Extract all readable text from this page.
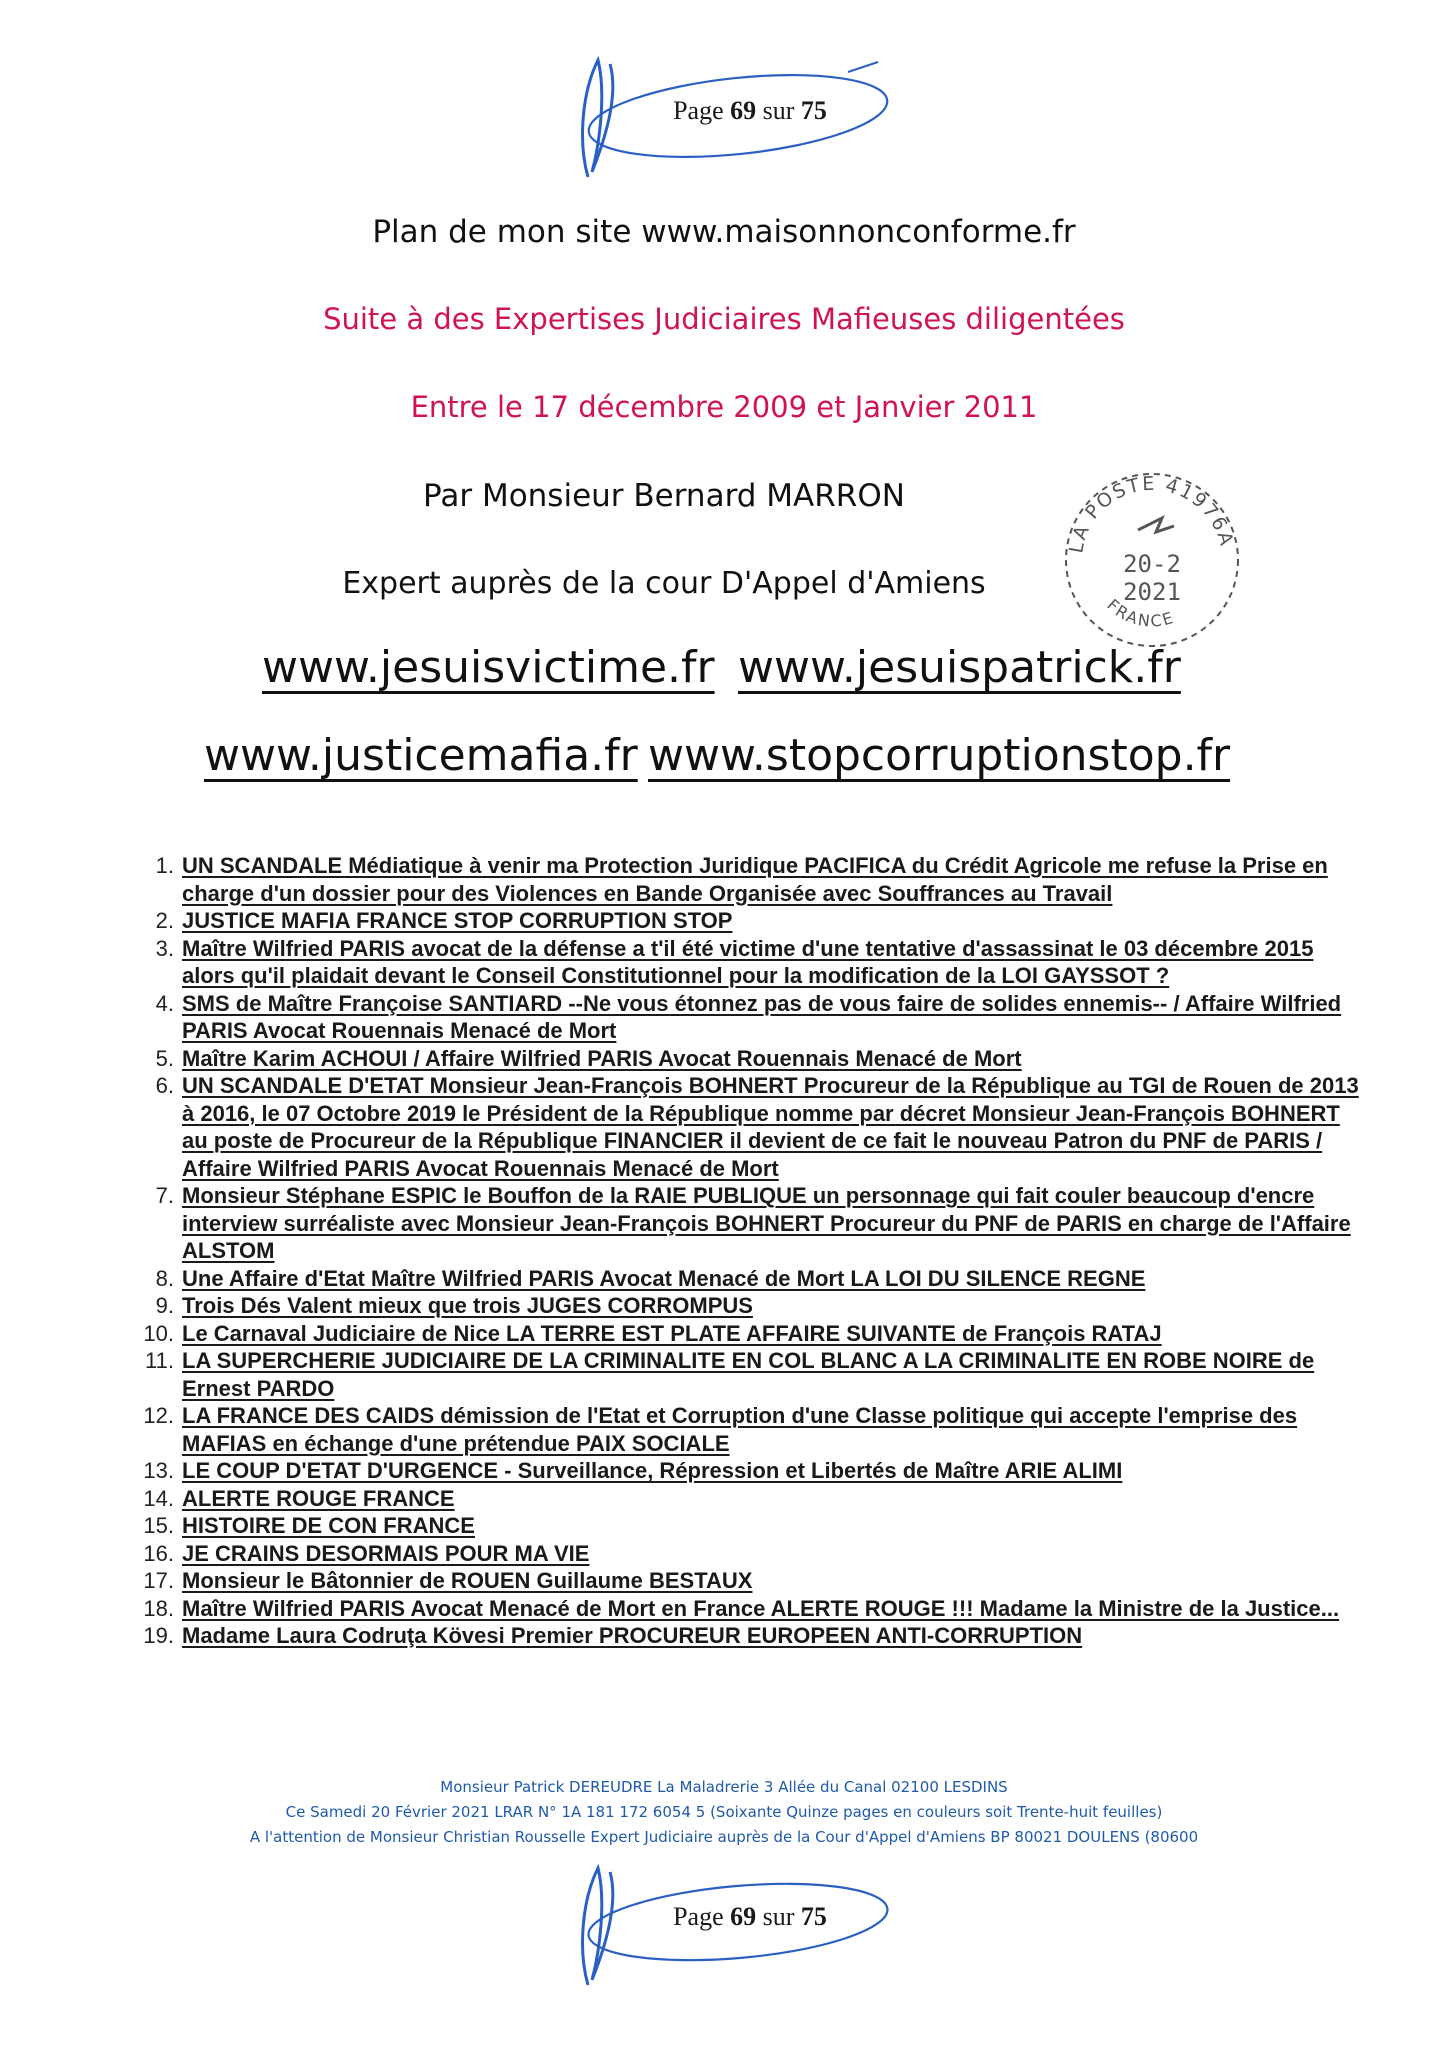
Page 69 sur 75
Plan de mon site www.maisonnonconforme.fr
Suite à des Expertises Judiciaires Mafieuses diligentées
Entre le 17 décembre 2009 et Janvier 2011
Par Monsieur Bernard MARRON
Expert auprès de la cour D'Appel d'Amiens
LA POSTE 41976A
20-2
2021
FRANCE
www.jesuisvictime.fr www.jesuispatrick.fr
www.justicemafia.fr www.stopcorruptionstop.fr
1. UN SCANDALE Médiatique à venir ma Protection Juridique PACIFICA du Crédit Agricole me refuse la Prise en charge d'un dossier pour des Violences en Bande Organisée avec Souffrances au Travail
2. JUSTICE MAFIA FRANCE STOP CORRUPTION STOP
3. Maître Wilfried PARIS avocat de la défense a t'il été victime d'une tentative d'assassinat le 03 décembre 2015 alors qu'il plaidait devant le Conseil Constitutionnel pour la modification de la LOI GAYSSOT ?
4. SMS de Maître Françoise SANTIARD --Ne vous étonnez pas de vous faire de solides ennemis-- / Affaire Wilfried PARIS Avocat Rouennais Menacé de Mort
5. Maître Karim ACHOUI / Affaire Wilfried PARIS Avocat Rouennais Menacé de Mort
6. UN SCANDALE D'ETAT Monsieur Jean-François BOHNERT Procureur de la République au TGI de Rouen de 2013 à 2016, le 07 Octobre 2019 le Président de la République nomme par décret Monsieur Jean-François BOHNERT au poste de Procureur de la République FINANCIER il devient de ce fait le nouveau Patron du PNF de PARIS / Affaire Wilfried PARIS Avocat Rouennais Menacé de Mort
7. Monsieur Stéphane ESPIC le Bouffon de la RAIE PUBLIQUE un personnage qui fait couler beaucoup d'encre interview surréaliste avec Monsieur Jean-François BOHNERT Procureur du PNF de PARIS en charge de l'Affaire ALSTOM
8. Une Affaire d'Etat Maître Wilfried PARIS Avocat Menacé de Mort LA LOI DU SILENCE REGNE
9. Trois Dés Valent mieux que trois JUGES CORROMPUS
10. Le Carnaval Judiciaire de Nice LA TERRE EST PLATE AFFAIRE SUIVANTE de François RATAJ
11. LA SUPERCHERIE JUDICIAIRE DE LA CRIMINALITE EN COL BLANC A LA CRIMINALITE EN ROBE NOIRE de Ernest PARDO
12. LA FRANCE DES CAIDS démission de l'Etat et Corruption d'une Classe politique qui accepte l'emprise des MAFIAS en échange d'une prétendue PAIX SOCIALE
13. LE COUP D'ETAT D'URGENCE - Surveillance, Répression et Libertés de Maître ARIE ALIMI
14. ALERTE ROUGE FRANCE
15. HISTOIRE DE CON FRANCE
16. JE CRAINS DESORMAIS POUR MA VIE
17. Monsieur le Bâtonnier de ROUEN Guillaume BESTAUX
18. Maître Wilfried PARIS Avocat Menacé de Mort en France ALERTE ROUGE !!! Madame la Ministre de la Justice...
19. Madame Laura Codruţa Kövesi Premier PROCUREUR EUROPEEN ANTI-CORRUPTION
Monsieur Patrick DEREUDRE La Maladrerie 3 Allée du Canal 02100 LESDINS
Ce Samedi 20 Février 2021 LRAR N° 1A 181 172 6054 5 (Soixante Quinze pages en couleurs soit Trente-huit feuilles)
A l'attention de Monsieur Christian Rousselle Expert Judiciaire auprès de la Cour d'Appel d'Amiens BP 80021 DOULENS (80600
Page 69 sur 75
